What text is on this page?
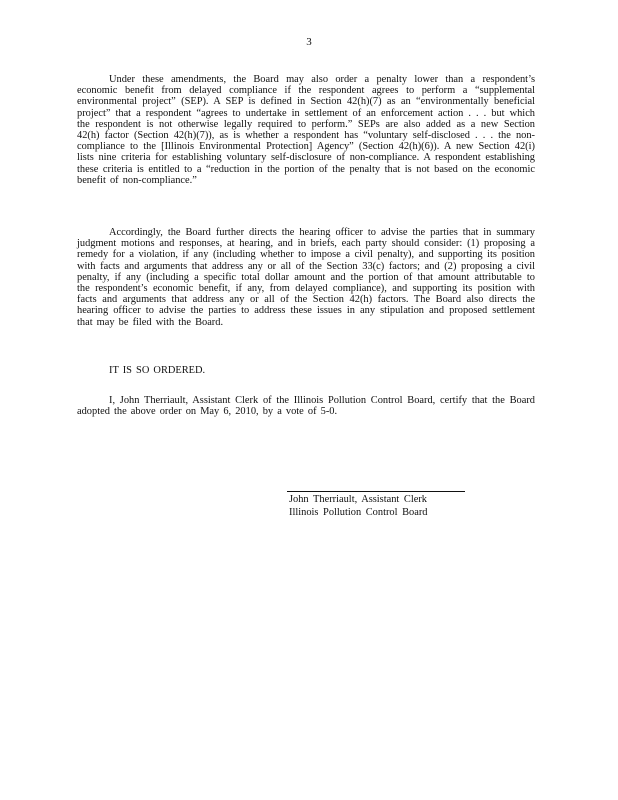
3

Under these amendments, the Board may also order a penalty lower than a respondent’s economic benefit from delayed compliance if the respondent agrees to perform a “supplemental environmental project” (SEP). A SEP is defined in Section 42(h)(7) as an “environmentally beneficial project” that a respondent “agrees to undertake in settlement of an enforcement action . . . but which the respondent is not otherwise legally required to perform.” SEPs are also added as a new Section 42(h) factor (Section 42(h)(7)), as is whether a respondent has “voluntary self-disclosed . . . the non-compliance to the [Illinois Environmental Protection] Agency” (Section 42(h)(6)). A new Section 42(i) lists nine criteria for establishing voluntary self-disclosure of non-compliance. A respondent establishing these criteria is entitled to a “reduction in the portion of the penalty that is not based on the economic benefit of non-compliance.”

Accordingly, the Board further directs the hearing officer to advise the parties that in summary judgment motions and responses, at hearing, and in briefs, each party should consider: (1) proposing a remedy for a violation, if any (including whether to impose a civil penalty), and supporting its position with facts and arguments that address any or all of the Section 33(c) factors; and (2) proposing a civil penalty, if any (including a specific total dollar amount and the portion of that amount attributable to the respondent’s economic benefit, if any, from delayed compliance), and supporting its position with facts and arguments that address any or all of the Section 42(h) factors. The Board also directs the hearing officer to advise the parties to address these issues in any stipulation and proposed settlement that may be filed with the Board.

IT IS SO ORDERED.

I, John Therriault, Assistant Clerk of the Illinois Pollution Control Board, certify that the Board adopted the above order on May 6, 2010, by a vote of 5-0.

John Therriault, Assistant Clerk
Illinois Pollution Control Board
